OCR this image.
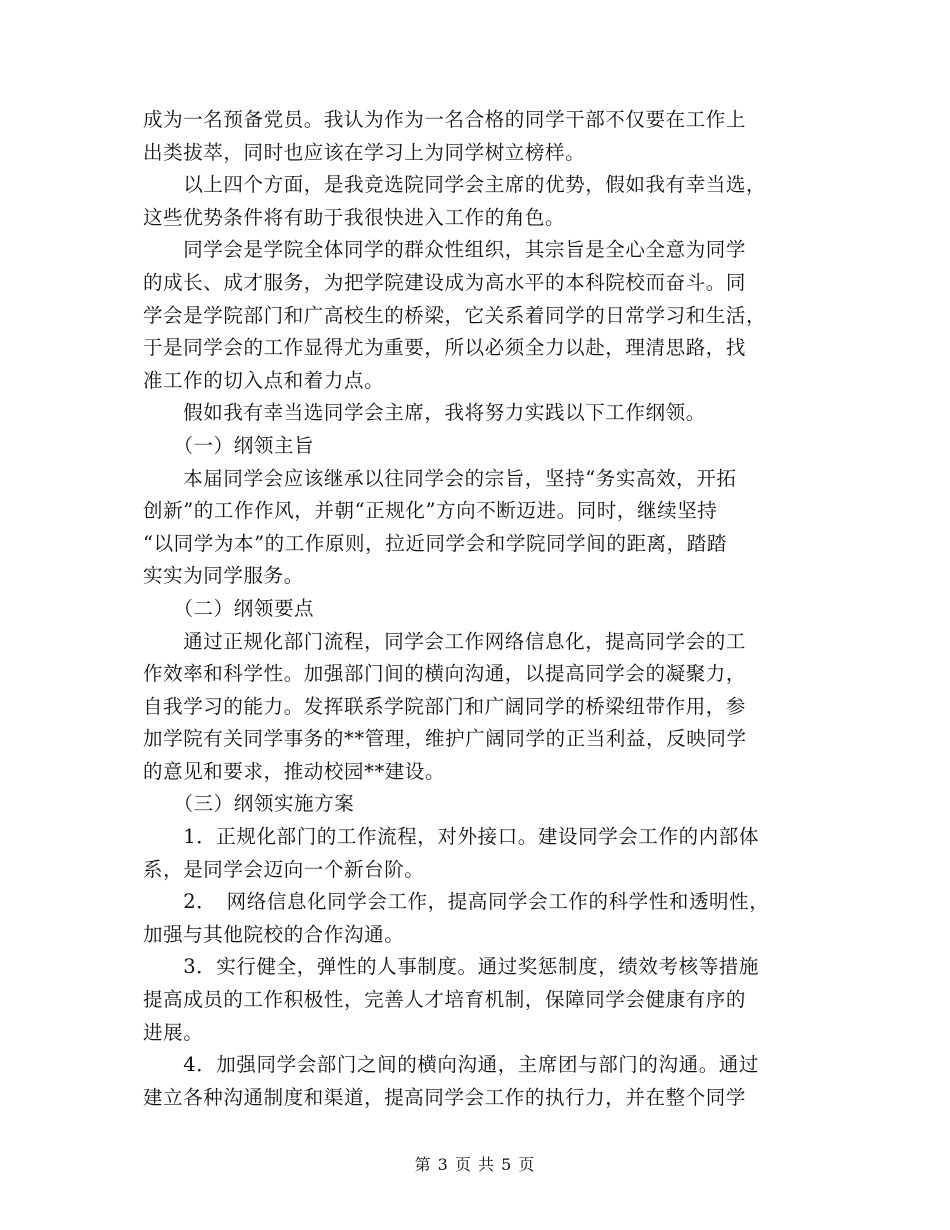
成为一名预备党员。我认为作为一名合格的同学干部不仅要在工作上
出类拔萃，同时也应该在学习上为同学树立榜样。
　　以上四个方面，是我竞选院同学会主席的优势，假如我有幸当选，
这些优势条件将有助于我很快进入工作的角色。
　　同学会是学院全体同学的群众性组织，其宗旨是全心全意为同学
的成长、成才服务，为把学院建设成为高水平的本科院校而奋斗。同
学会是学院部门和广高校生的桥梁，它关系着同学的日常学习和生活，
于是同学会的工作显得尤为重要，所以必须全力以赴，理清思路，找
准工作的切入点和着力点。
　　假如我有幸当选同学会主席，我将努力实践以下工作纲领。
　　（一）纲领主旨
　　本届同学会应该继承以往同学会的宗旨，坚持“务实高效，开拓
创新”的工作作风，并朝“正规化”方向不断迈进。同时，继续坚持
“以同学为本”的工作原则，拉近同学会和学院同学间的距离，踏踏
实实为同学服务。
　　（二）纲领要点
　　通过正规化部门流程，同学会工作网络信息化，提高同学会的工
作效率和科学性。加强部门间的横向沟通，以提高同学会的凝聚力，
自我学习的能力。发挥联系学院部门和广阔同学的桥梁纽带作用，参
加学院有关同学事务的**管理，维护广阔同学的正当利益，反映同学
的意见和要求，推动校园**建设。
　　（三）纲领实施方案
　　1．正规化部门的工作流程，对外接口。建设同学会工作的内部体
系，是同学会迈向一个新台阶。
　　2．　网络信息化同学会工作，提高同学会工作的科学性和透明性，
加强与其他院校的合作沟通。
　　3．实行健全，弹性的人事制度。通过奖惩制度，绩效考核等措施
提高成员的工作积极性，完善人才培育机制，保障同学会健康有序的
进展。
　　4．加强同学会部门之间的横向沟通，主席团与部门的沟通。通过
建立各种沟通制度和渠道，提高同学会工作的执行力，并在整个同学
第 3 页 共 5 页
